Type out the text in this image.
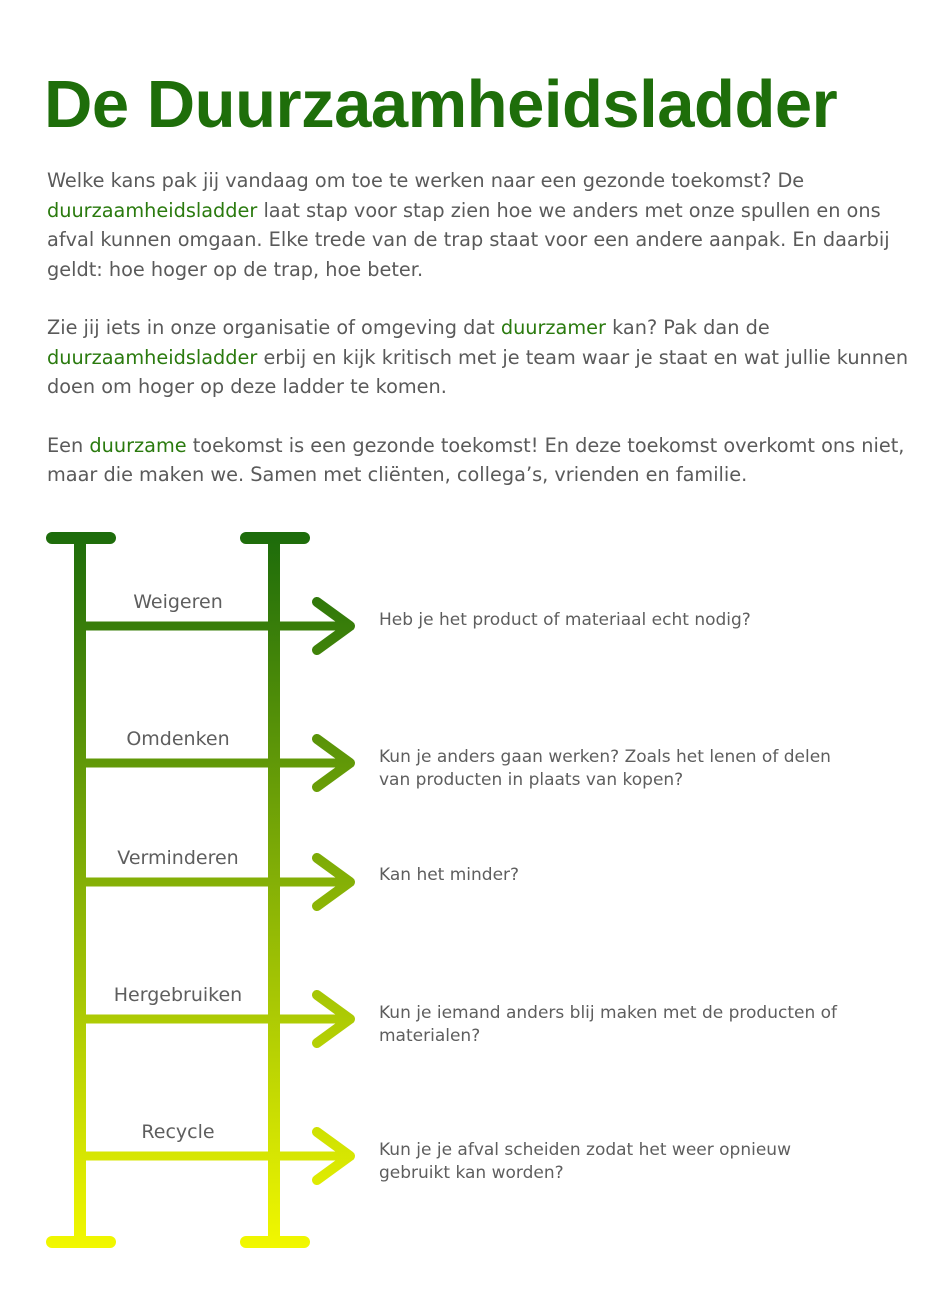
De Duurzaamheidsladder

Welke kans pak jij vandaag om toe te werken naar een gezonde toekomst? De duurzaamheidsladder laat stap voor stap zien hoe we anders met onze spullen en ons afval kunnen omgaan. Elke trede van de trap staat voor een andere aanpak. En daarbij geldt: hoe hoger op de trap, hoe beter.

Zie jij iets in onze organisatie of omgeving dat duurzamer kan? Pak dan de duurzaamheidsladder erbij en kijk kritisch met je team waar je staat en wat jullie kunnen doen om hoger op deze ladder te komen.

Een duurzame toekomst is een gezonde toekomst! En deze toekomst overkomt ons niet, maar die maken we. Samen met cliënten, collega’s, vrienden en familie.

Weigeren
Heb je het product of materiaal echt nodig?
Omdenken
Kun je anders gaan werken? Zoals het lenen of delen van producten in plaats van kopen?
Verminderen
Kan het minder?
Hergebruiken
Kun je iemand anders blij maken met de producten of materialen?
Recycle
Kun je je afval scheiden zodat het weer opnieuw gebruikt kan worden?
